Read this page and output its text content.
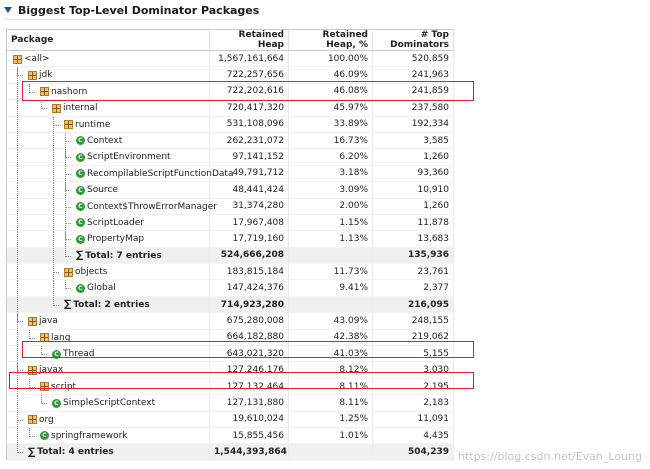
Biggest Top-Level Dominator Packages
Package	Retained Heap	Retained Heap, %	# Top Dominators

<all>	1,567,161,664	100.00%	520,859

jdk	722,257,656	46.09%	241,963

nashorn	722,202,616	46.08%	241,859

internal	720,417,320	45.97%	237,580

runtime	531,108,096	33.89%	192,334

C Context	262,231,072	16.73%	3,585

C ScriptEnvironment	97,141,152	6.20%	1,260

C RecompilableScriptFunctionData	49,791,712	3.18%	93,360

C Source	48,441,424	3.09%	10,910

C Context$ThrowErrorManager	31,374,280	2.00%	1,260

C ScriptLoader	17,967,408	1.15%	11,878

C PropertyMap	17,719,160	1.13%	13,683

∑ Total: 7 entries	524,666,208		135,936

objects	183,815,184	11.73%	23,761

C Global	147,424,376	9.41%	2,377

∑ Total: 2 entries	714,923,280		216,095

java	675,280,008	43.09%	248,155

lang	664,182,880	42.38%	219,062

C Thread	643,021,320	41.03%	5,155

javax	127,246,176	8.12%	3,030

script	127,132,464	8.11%	2,195

C SimpleScriptContext	127,131,880	8.11%	2,183

org	19,610,024	1.25%	11,091

C springframework	15,855,456	1.01%	4,435

∑ Total: 4 entries	1,544,393,864		504,239 https://blog.csdn.net/Evan_Loung
